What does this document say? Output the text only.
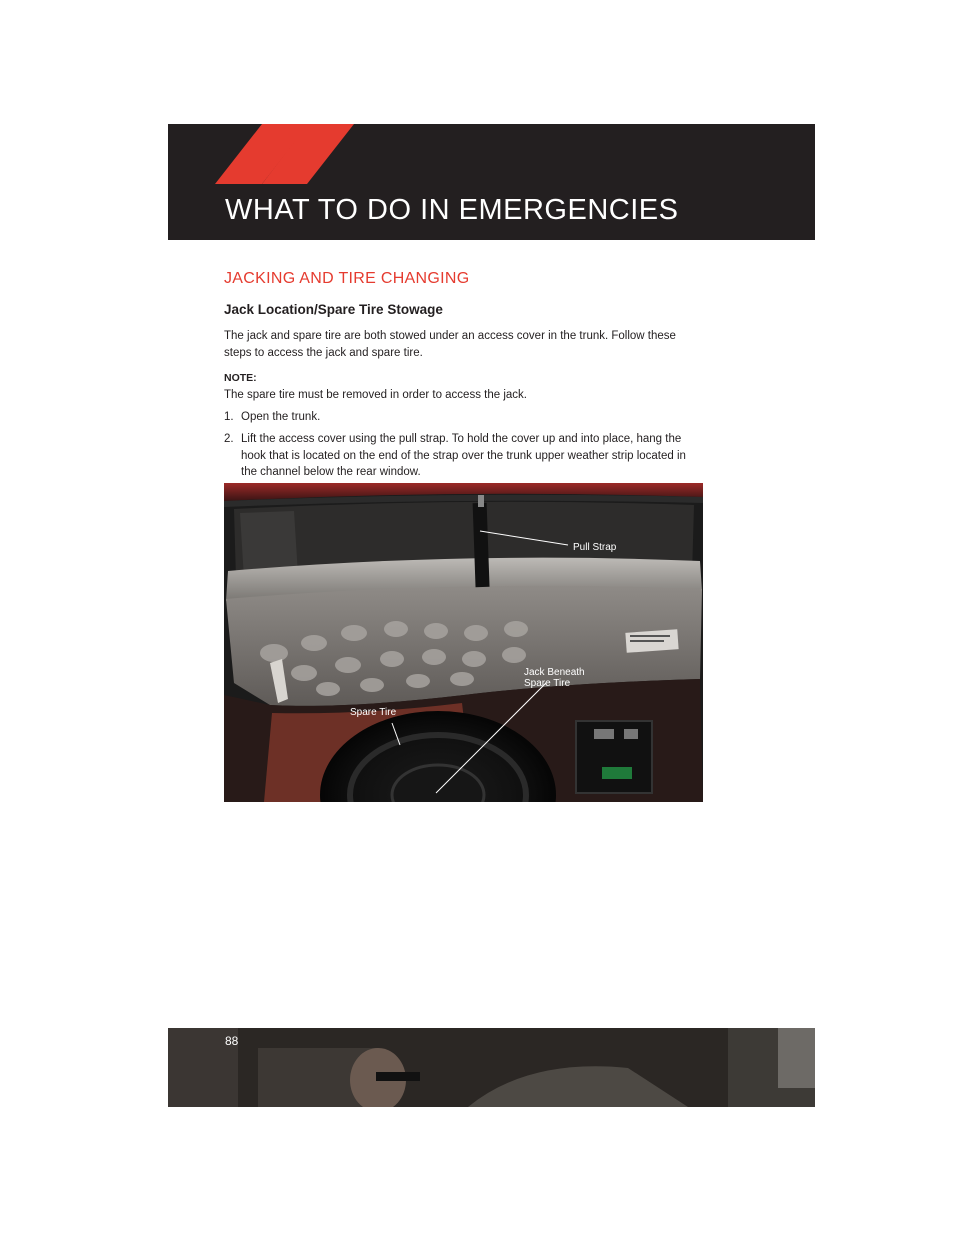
WHAT TO DO IN EMERGENCIES
JACKING AND TIRE CHANGING
Jack Location/Spare Tire Stowage

The jack and spare tire are both stowed under an access cover in the trunk. Follow these steps to access the jack and spare tire.

NOTE:
The spare tire must be removed in order to access the jack.
1. Open the trunk.
2. Lift the access cover using the pull strap. To hold the cover up and into place, hang the hook that is located on the end of the strap over the trunk upper weather strip located in the channel below the rear window.
Pull Strap
Jack Beneath
Spare Tire
Spare Tire
88
